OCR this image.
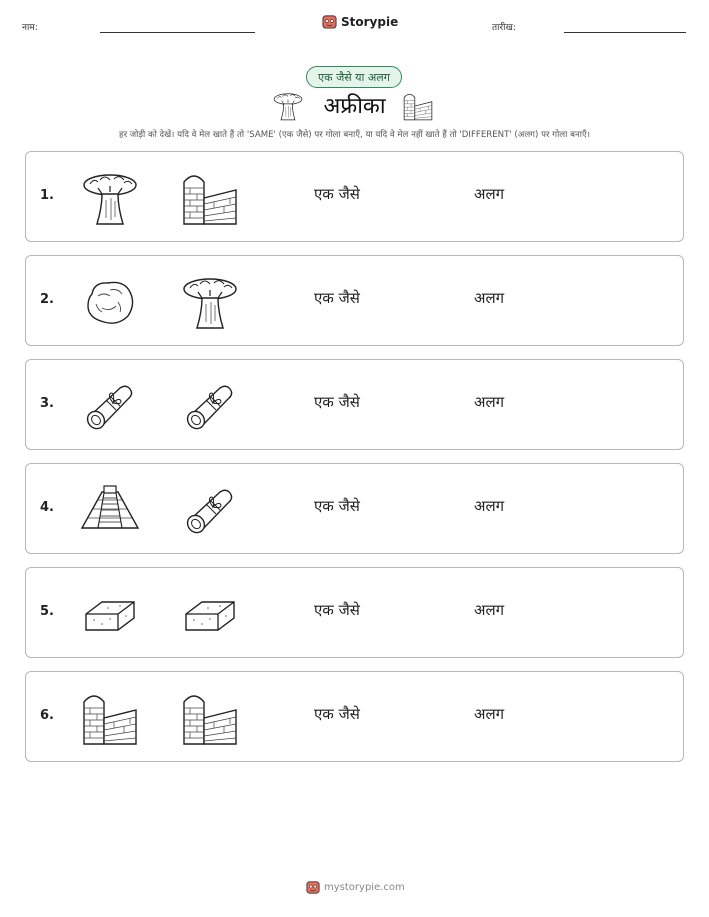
नाम:	Storypie	तारीख:
एक जैसे या अलग
अफ्रीका
हर जोड़ी को देखें। यदि वे मेल खाते हैं तो 'SAME' (एक जैसे) पर गोला बनाएँ, या यदि वे मेल नहीं खाते हैं तो 'DIFFERENT' (अलग) पर गोला बनाएँ।
1.	एक जैसे	अलग
2.	एक जैसे	अलग
3.	एक जैसे	अलग
4.	एक जैसे	अलग
5.	एक जैसे	अलग
6.	एक जैसे	अलग
mystorypie.com
